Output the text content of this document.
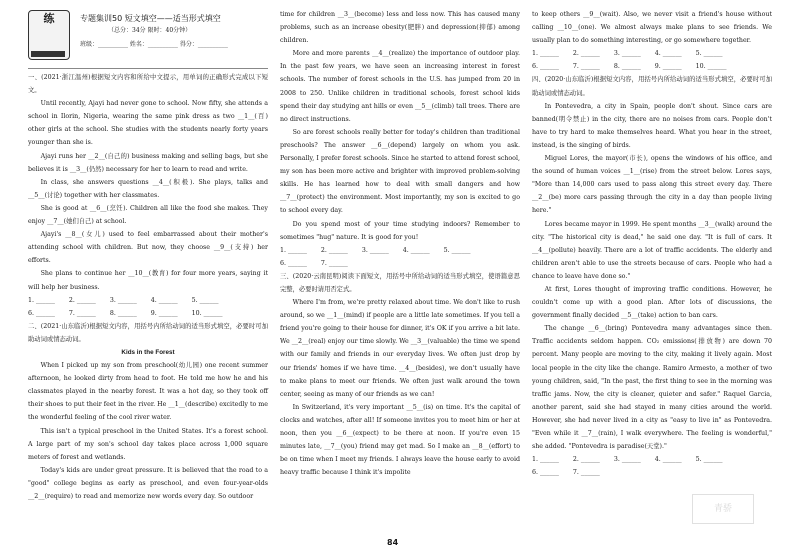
练	专题集训50 短文填空——适当形式填空
（总分：34分 限时：40分钟）
班级：__________ 姓名：__________ 得分：__________

一、(2021·浙江温州)根据短文内容和所给中文提示，用单词的正确形式完成以下短文。

Until recently, Ajayi had never gone to school. Now fifty, she attends a school in Ilorin, Nigeria, wearing the same pink dress as two __1__(百) other girls at the school. She studies with the students nearly forty years younger than she is.

Ajayi runs her __2__(自己的) business making and selling bags, but she believes it is __3__(仍然) necessary for her to learn to read and write.

In class, she answers questions __4__(积极). She plays, talks and __5__(讨论) together with her classmates.

She is good at __6__(烹饪). Children all like the food she makes. They enjoy __7__(她们自己) at school.

Ajayi's __8__(女儿) used to feel embarrassed about their mother's attending school with children. But now, they choose __9__(支持) her efforts.

She plans to continue her __10__(教育) for four more years, saying it will help her business.

1. ______ 2. ______ 3. ______ 4. ______ 5. ______
6. ______ 7. ______ 8. ______ 9. ______ 10. ______

二、(2021·山东临沂)根据短文内容，用括号内所给动词的适当形式填空，必要时可加助动词或情态动词。

Kids in the Forest

When I picked up my son from preschool(幼儿园) one recent summer afternoon, he looked dirty from head to foot. He told me how he and his classmates played in the nearby forest. It was a hot day, so they took off their shoes to put their feet in the river. He __1__(describe) excitedly to me the wonderful feeling of the cool river water.

This isn't a typical preschool in the United States. It's a forest school. A large part of my son's school day takes place across 1,000 square meters of forest and wetlands.

Today's kids are under great pressure. It is believed that the road to a "good" college begins as early as preschool, and even four-year-olds __2__(require) to read and memorize new words every day. So outdoor

time for children __3__(become) less and less now. This has caused many problems, such as an increase obesity(肥胖) and depression(抑郁) among children.

More and more parents __4__(realize) the importance of outdoor play. In the past few years, we have seen an increasing interest in forest schools. The number of forest schools in the U.S. has jumped from 20 in 2008 to 250. Unlike children in traditional schools, forest school kids spend their day studying ant hills or even __5__(climb) tall trees. There are no direct instructions.

So are forest schools really better for today's children than traditional preschools? The answer __6__(depend) largely on whom you ask. Personally, I prefer forest schools. Since he started to attend forest school, my son has been more active and brighter with improved problem-solving skills. He has learned how to deal with small dangers and how __7__(protect) the environment. Most importantly, my son is excited to go to school every day.

Do you spend most of your time studying indoors? Remember to sometimes "hug" nature. It is good for you!

1. ______ 2. ______ 3. ______ 4. ______ 5. ______
6. ______ 7. ______

三、(2020·云南昆明)阅读下面短文，用括号中所给动词的适当形式填空，使语篇意思完整，必要时请用否定式。

Where I'm from, we're pretty relaxed about time. We don't like to rush around, so we __1__(mind) if people are a little late sometimes. If you tell a friend you're going to their house for dinner, it's OK if you arrive a bit late. We __2__(real) enjoy our time slowly. We __3__(valuable) the time we spend with our family and friends in our everyday lives. We often just drop by our friends' homes if we have time. __4__(besides), we don't usually have to make plans to meet our friends. We often just walk around the town center, seeing as many of our friends as we can!

In Switzerland, it's very important __5__(is) on time. It's the capital of clocks and watches, after all! If someone invites you to meet him or her at noon, then you __6__(expect) to be there at noon. If you're even 15 minutes late, __7__(you) friend may get mad. So I make an __8__(effort) to be on time when I meet my friends. I always leave the house early to avoid heavy traffic because I think it's impolite

to keep others __9__(wait). Also, we never visit a friend's house without calling __10__(one). We almost always make plans to see friends. We usually plan to do something interesting, or go somewhere together.

1. ______ 2. ______ 3. ______ 4. ______ 5. ______
6. ______ 7. ______ 8. ______ 9. ______ 10. ______

四、(2020·山东临沂)根据短文内容，用括号内所给动词的适当形式填空，必要时可加助动词或情态动词。

In Pontevedra, a city in Spain, people don't shout. Since cars are banned(明令禁止) in the city, there are no noises from cars. People don't have to try hard to make themselves heard. What you hear in the street, instead, is the singing of birds.

Miguel Lores, the mayor(市长), opens the windows of his office, and the sound of human voices __1__(rise) from the street below. Lores says, "More than 14,000 cars used to pass along this street every day. There __2__(be) more cars passing through the city in a day than people living here."

Lores became mayor in 1999. He spent months __3__(walk) around the city. "The historical city is dead," he said one day. "It is full of cars. It __4__(pollute) heavily. There are a lot of traffic accidents. The elderly and children aren't able to use the streets because of cars. People who had a chance to leave have done so."

At first, Lores thought of improving traffic conditions. However, he couldn't come up with a good plan. After lots of discussions, the government finally decided __5__(take) action to ban cars.

The change __6__(bring) Pontevedra many advantages since then. Traffic accidents seldom happen. CO₂ emissions(排放物) are down 70 percent. Many people are moving to the city, making it lively again. Most local people in the city like the change. Ramiro Armesto, a mother of two young children, said, "In the past, the first thing to see in the morning was traffic jams. Now, the city is cleaner, quieter and safer." Raquel Garcia, another parent, said she had stayed in many cities around the world. However, she had never lived in a city as "easy to live in" as Pontevedra. "Even while it __7__(rain), I walk everywhere. The feeling is wonderful," she added. "Pontevedra is paradise(天堂)."

1. ______ 2. ______ 3. ______ 4. ______ 5. ______
6. ______ 7. ______
84
青骄
